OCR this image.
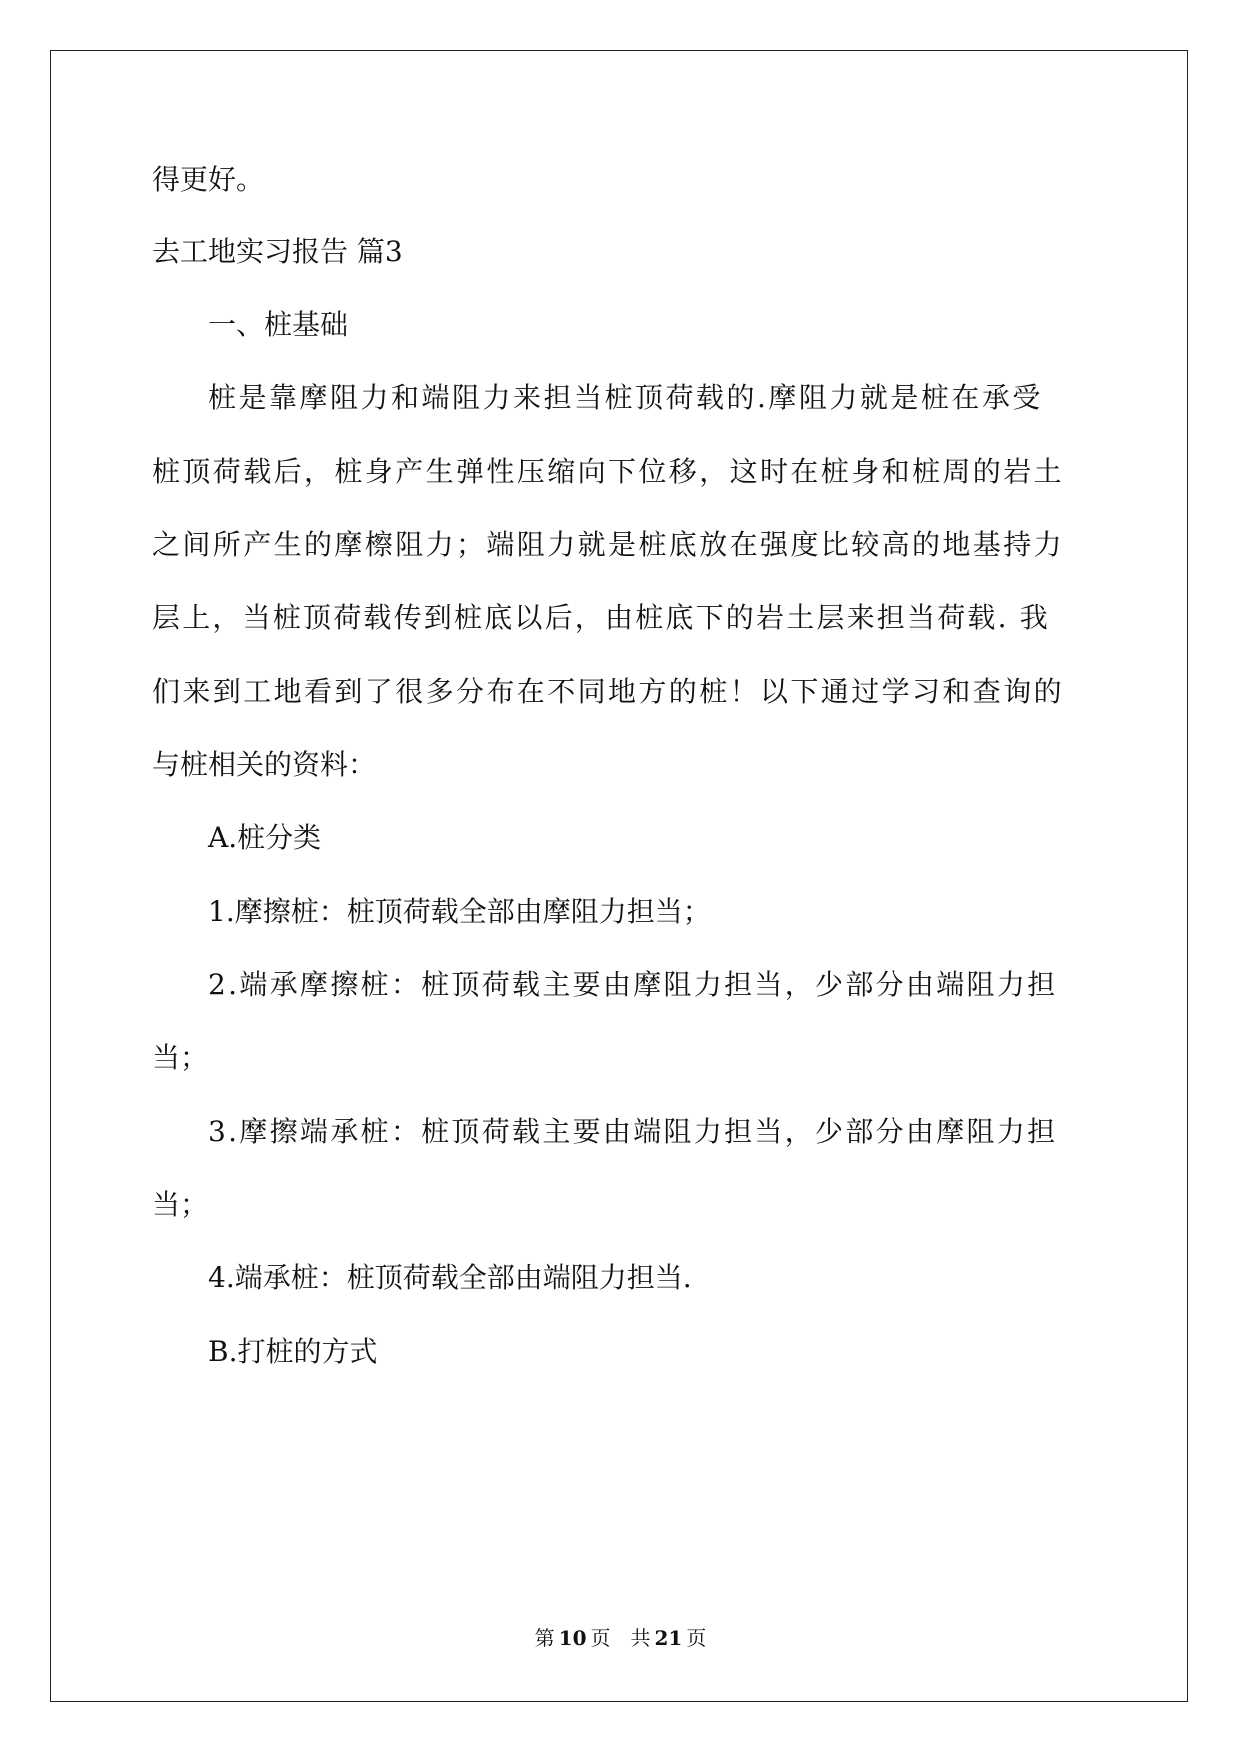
得更好。
去工地实习报告 篇3
一、桩基础
桩是靠摩阻力和端阻力来担当桩顶荷载的.摩阻力就是桩在承受
桩顶荷载后，桩身产生弹性压缩向下位移，这时在桩身和桩周的岩土
之间所产生的摩檫阻力；端阻力就是桩底放在强度比较高的地基持力
层上，当桩顶荷载传到桩底以后，由桩底下的岩土层来担当荷载. 我
们来到工地看到了很多分布在不同地方的桩！以下通过学习和查询的
与桩相关的资料：
A.桩分类
1.摩擦桩：桩顶荷载全部由摩阻力担当；
2.端承摩擦桩：桩顶荷载主要由摩阻力担当，少部分由端阻力担
当；
3.摩擦端承桩：桩顶荷载主要由端阻力担当，少部分由摩阻力担
当；
4.端承桩：桩顶荷载全部由端阻力担当.
B.打桩的方式
第 10 页　共 21 页
